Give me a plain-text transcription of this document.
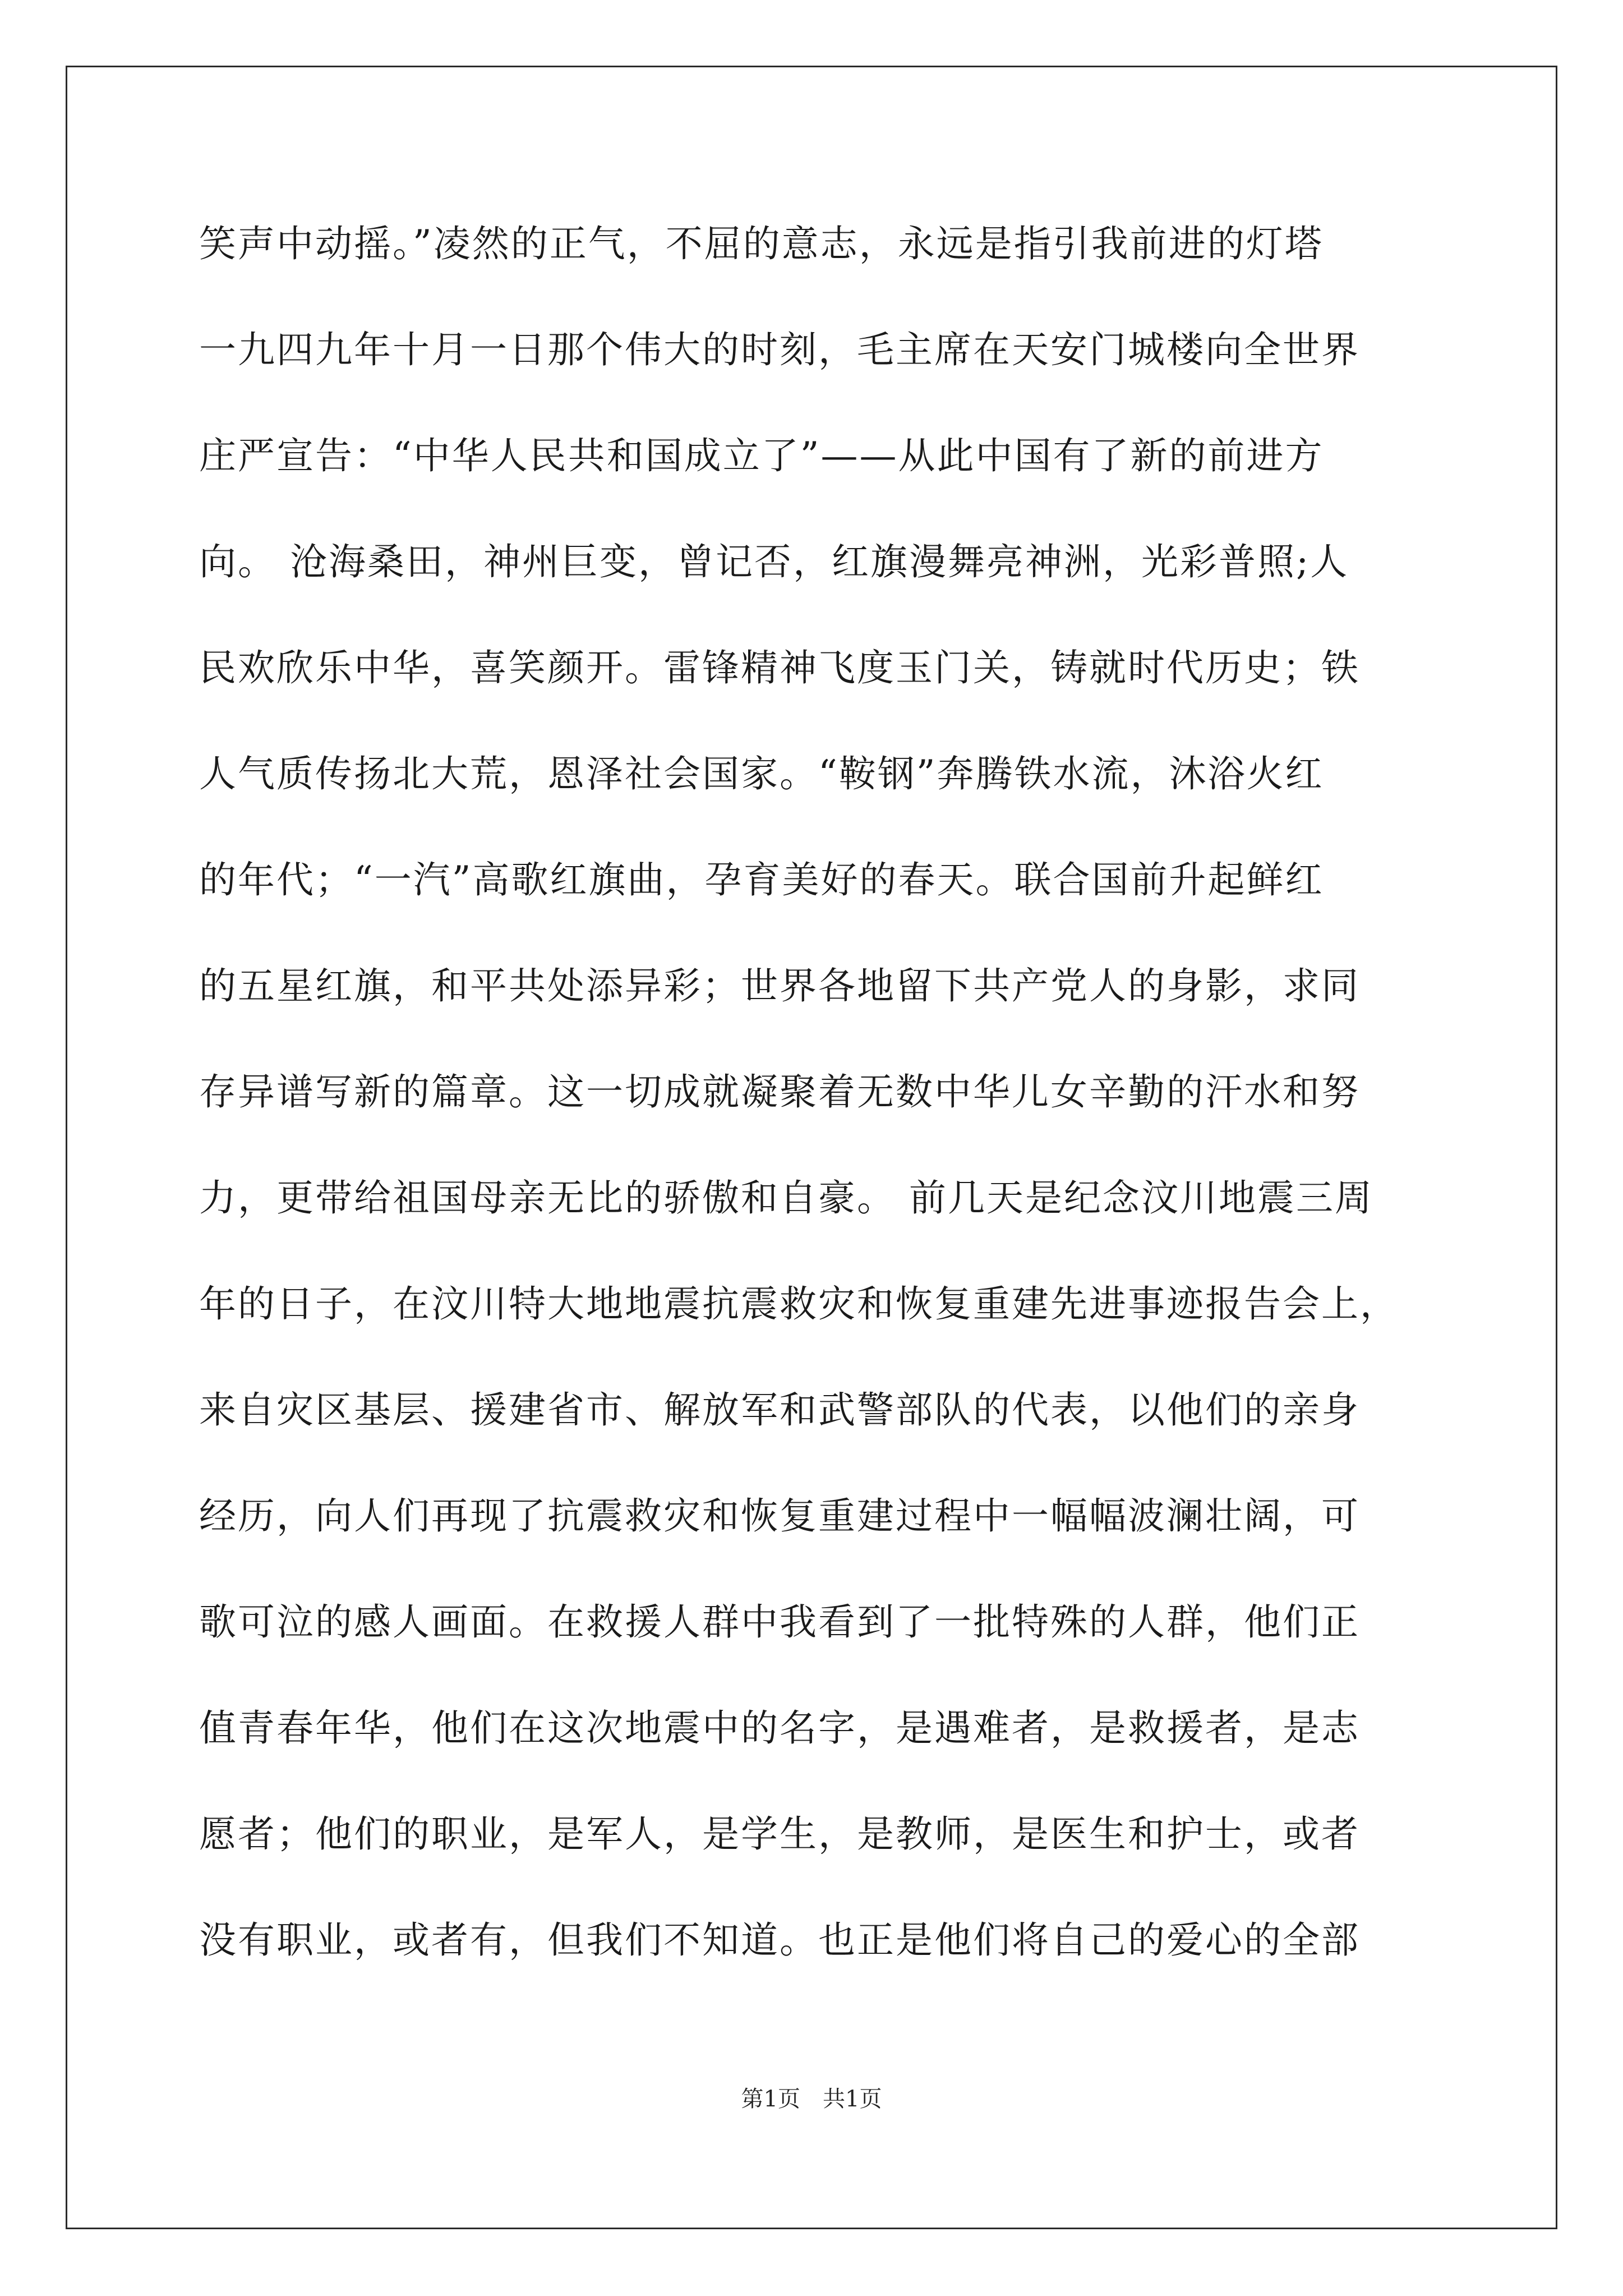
笑声中动摇。”凌然的正气，不屈的意志，永远是指引我前进的灯塔
一九四九年十月一日那个伟大的时刻，毛主席在天安门城楼向全世界
庄严宣告：“中华人民共和国成立了”——从此中国有了新的前进方
向。 沧海桑田，神州巨变，曾记否，红旗漫舞亮神洲，光彩普照;人
民欢欣乐中华，喜笑颜开。雷锋精神飞度玉门关，铸就时代历史；铁
人气质传扬北大荒，恩泽社会国家。“鞍钢”奔腾铁水流，沐浴火红
的年代；“一汽”高歌红旗曲，孕育美好的春天。联合国前升起鲜红
的五星红旗，和平共处添异彩；世界各地留下共产党人的身影，求同
存异谱写新的篇章。这一切成就凝聚着无数中华儿女辛勤的汗水和努
力，更带给祖国母亲无比的骄傲和自豪。 前几天是纪念汶川地震三周
年的日子，在汶川特大地地震抗震救灾和恢复重建先进事迹报告会上，
来自灾区基层、援建省市、解放军和武警部队的代表，以他们的亲身
经历，向人们再现了抗震救灾和恢复重建过程中一幅幅波澜壮阔，可
歌可泣的感人画面。在救援人群中我看到了一批特殊的人群，他们正
值青春年华，他们在这次地震中的名字，是遇难者，是救援者，是志
愿者；他们的职业，是军人，是学生，是教师，是医生和护士，或者
没有职业，或者有，但我们不知道。也正是他们将自己的爱心的全部
第1页　共1页
